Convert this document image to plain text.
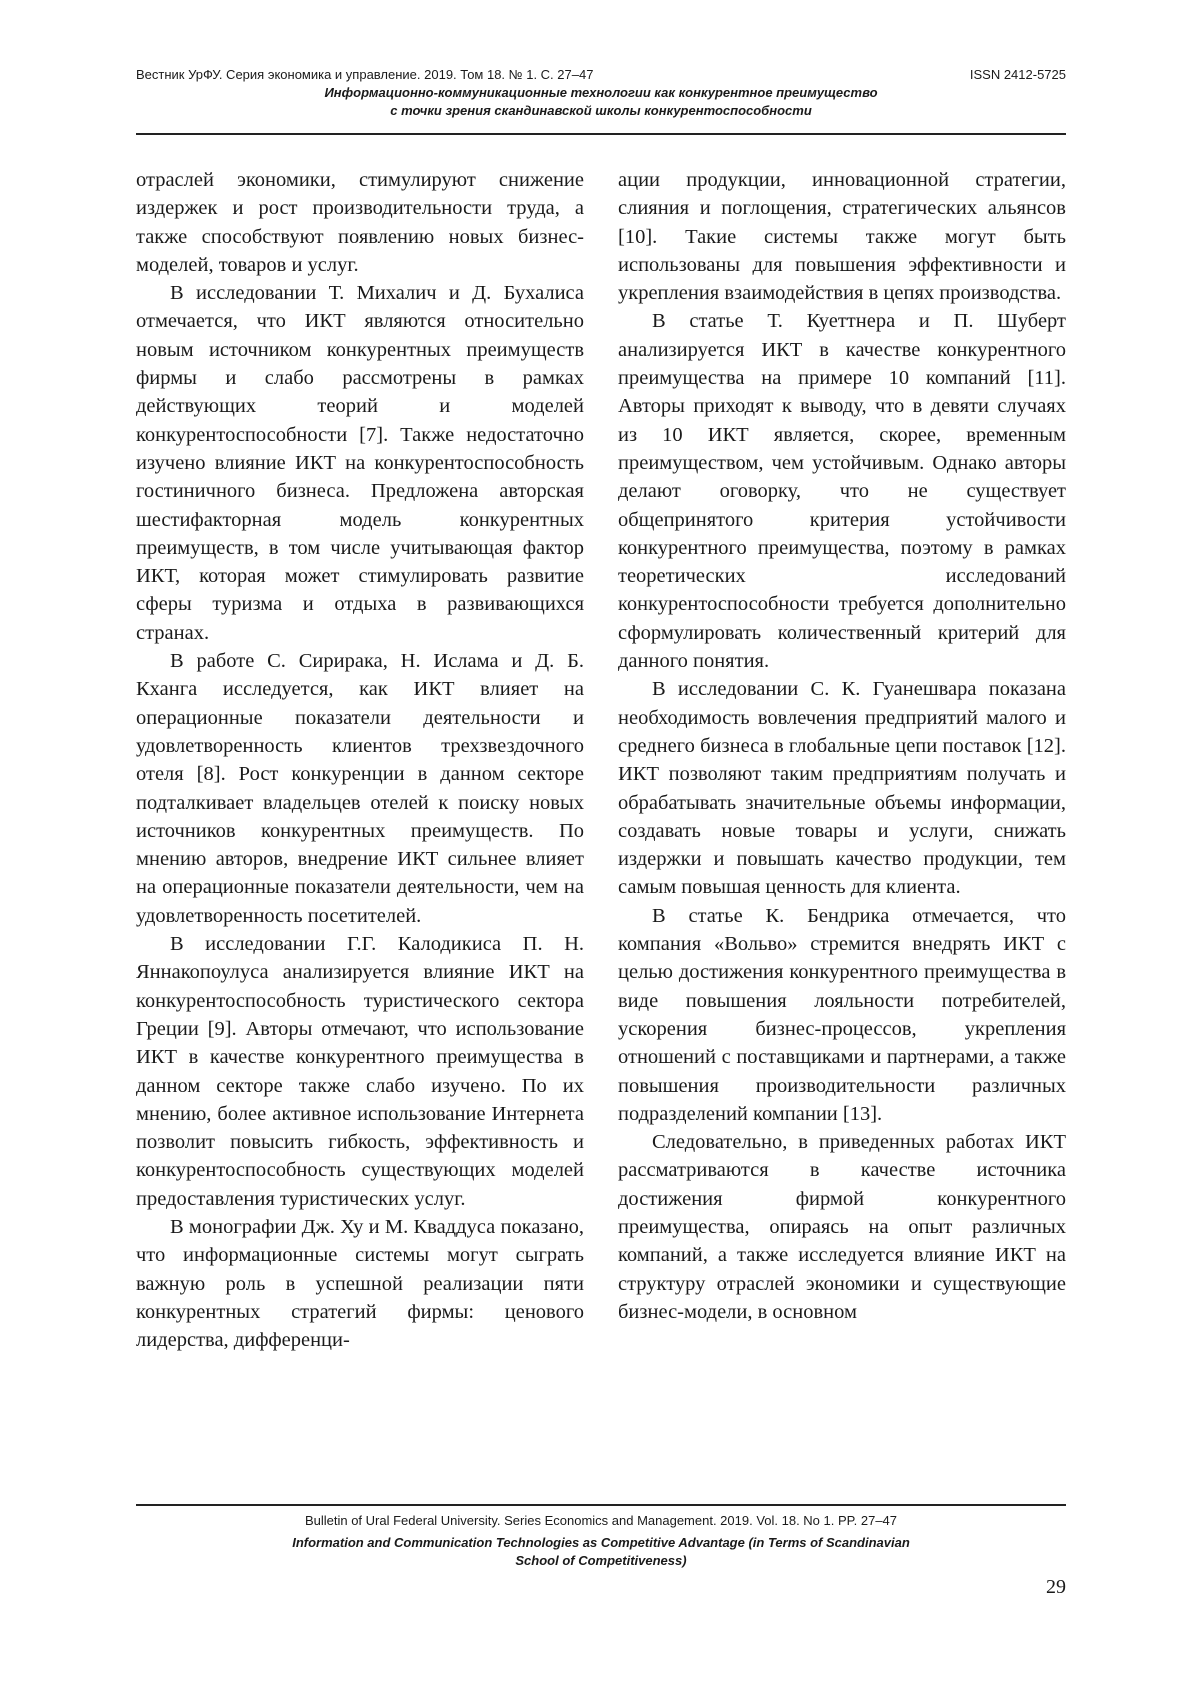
Вестник УрФУ. Серия экономика и управление. 2019. Том 18. № 1. С. 27–47	ISSN 2412-5725
Информационно-коммуникационные технологии как конкурентное преимущество
с точки зрения скандинавской школы конкурентоспособности

отраслей экономики, стимулируют снижение издержек и рост производительности труда, а также способствуют появлению новых бизнес-моделей, товаров и услуг.

В исследовании Т. Михалич и Д. Бухалиса отмечается, что ИКТ являются относительно новым источником конкурентных преимуществ фирмы и слабо рассмотрены в рамках действующих теорий и моделей конкурентоспособности [7]. Также недостаточно изучено влияние ИКТ на конкурентоспособность гостиничного бизнеса. Предложена авторская шестифакторная модель конкурентных преимуществ, в том числе учитывающая фактор ИКТ, которая может стимулировать развитие сферы туризма и отдыха в развивающихся странах.

В работе С. Сирирака, Н. Ислама и Д. Б. Кханга исследуется, как ИКТ влияет на операционные показатели деятельности и удовлетворенность клиентов трехзвездочного отеля [8]. Рост конкуренции в данном секторе подталкивает владельцев отелей к поиску новых источников конкурентных преимуществ. По мнению авторов, внедрение ИКТ сильнее влияет на операционные показатели деятельности, чем на удовлетворенность посетителей.

В исследовании Г.Г. Калодикиса П. Н. Яннакопоулуса анализируется влияние ИКТ на конкурентоспособность туристического сектора Греции [9]. Авторы отмечают, что использование ИКТ в качестве конкурентного преимущества в данном секторе также слабо изучено. По их мнению, более активное использование Интернета позволит повысить гибкость, эффективность и конкурентоспособность существующих моделей предоставления туристических услуг.

В монографии Дж. Ху и М. Кваддуса показано, что информационные системы могут сыграть важную роль в успешной реализации пяти конкурентных стратегий фирмы: ценового лидерства, дифференци-

ации продукции, инновационной стратегии, слияния и поглощения, стратегических альянсов [10]. Такие системы также могут быть использованы для повышения эффективности и укрепления взаимодействия в цепях производства.

В статье Т. Куеттнера и П. Шуберт анализируется ИКТ в качестве конкурентного преимущества на примере 10 компаний [11]. Авторы приходят к выводу, что в девяти случаях из 10 ИКТ является, скорее, временным преимуществом, чем устойчивым. Однако авторы делают оговорку, что не существует общепринятого критерия устойчивости конкурентного преимущества, поэтому в рамках теоретических исследований конкурентоспособности требуется дополнительно сформулировать количественный критерий для данного понятия.

В исследовании С. К. Гуанешвара показана необходимость вовлечения предприятий малого и среднего бизнеса в глобальные цепи поставок [12]. ИКТ позволяют таким предприятиям получать и обрабатывать значительные объемы информации, создавать новые товары и услуги, снижать издержки и повышать качество продукции, тем самым повышая ценность для клиента.

В статье К. Бендрика отмечается, что компания «Вольво» стремится внедрять ИКТ с целью достижения конкурентного преимущества в виде повышения лояльности потребителей, ускорения бизнес-процессов, укрепления отношений с поставщиками и партнерами, а также повышения производительности различных подразделений компании [13].

Следовательно, в приведенных работах ИКТ рассматриваются в качестве источника достижения фирмой конкурентного преимущества, опираясь на опыт различных компаний, а также исследуется влияние ИКТ на структуру отраслей экономики и существующие бизнес-модели, в основном

Bulletin of Ural Federal University. Series Economics and Management. 2019. Vol. 18. No 1. PP. 27–47
Information and Communication Technologies as Competitive Advantage (in Terms of Scandinavian
School of Competitiveness)
29
